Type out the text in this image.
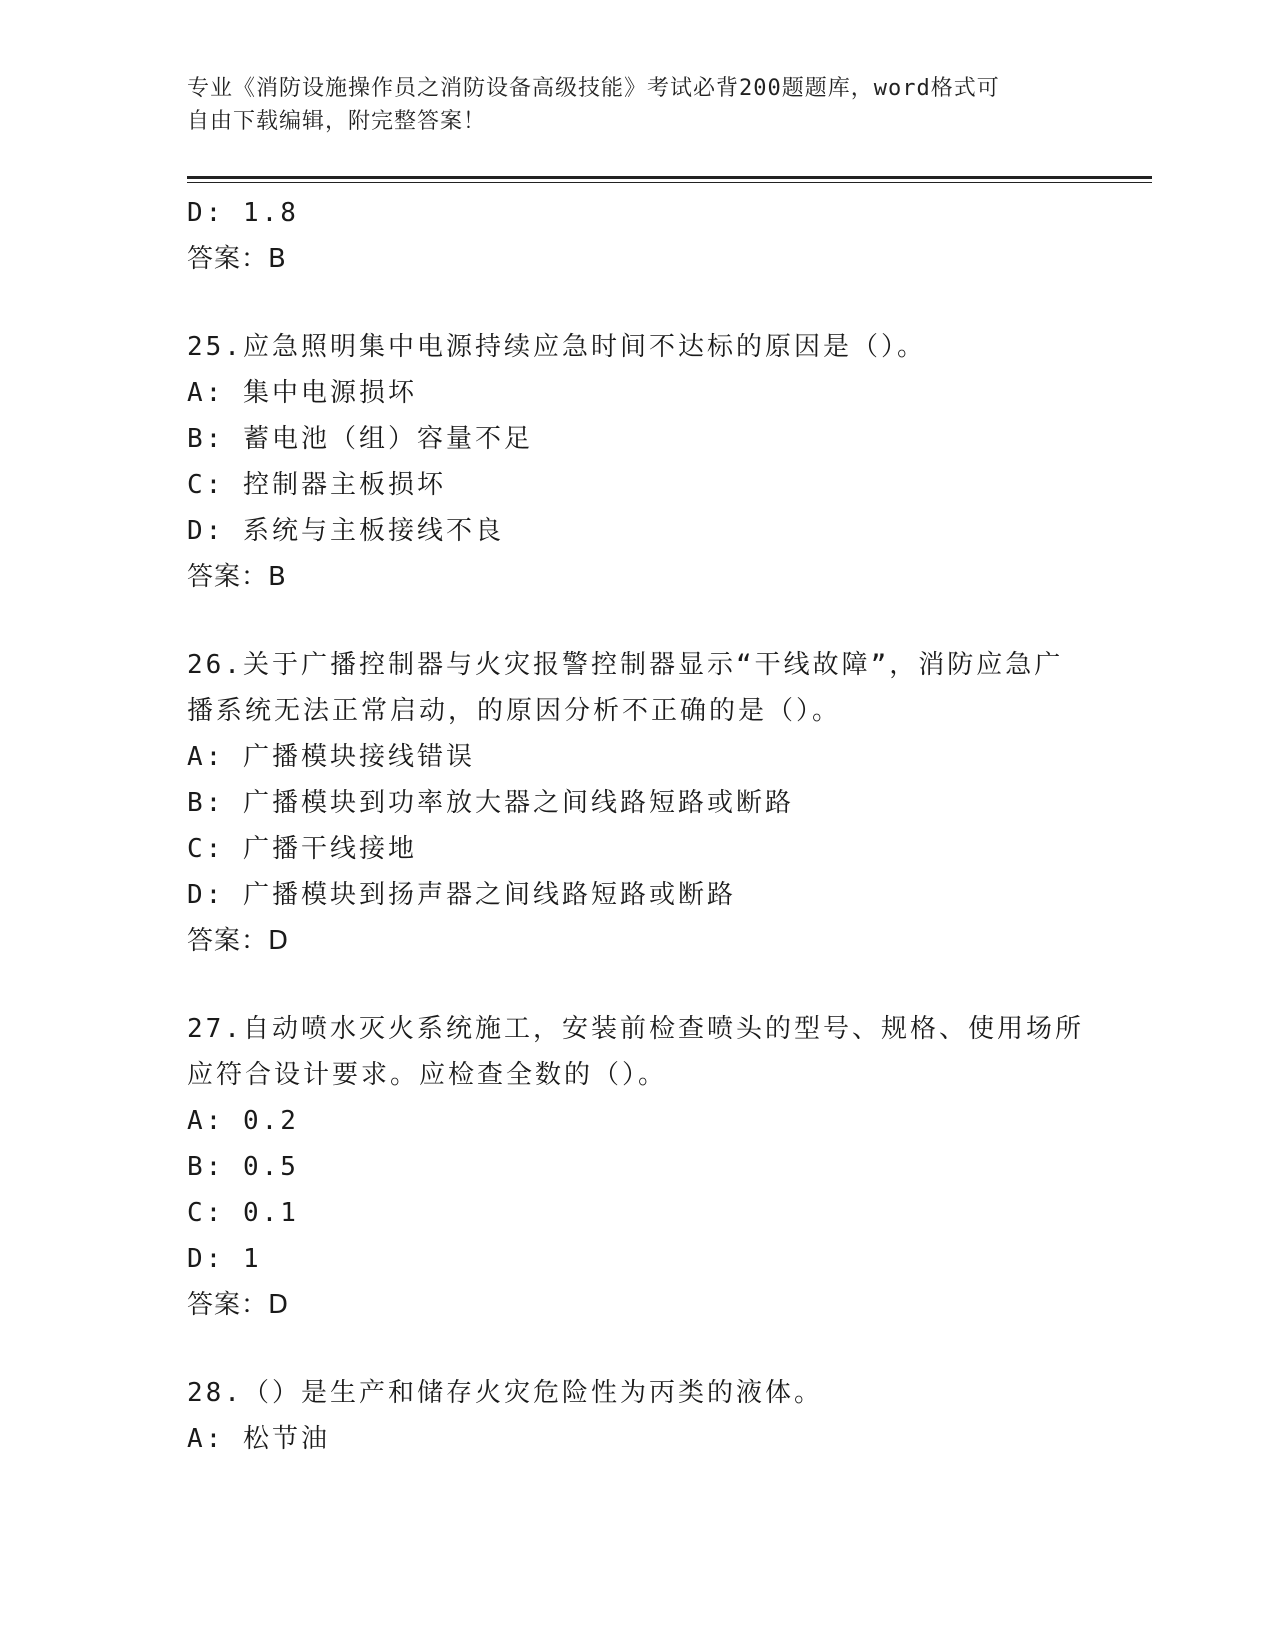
专业《消防设施操作员之消防设备高级技能》考试必背200题题库，word格式可
自由下载编辑，附完整答案！
D: 1.8
答案：B
25.应急照明集中电源持续应急时间不达标的原因是（）。
A: 集中电源损坏
B: 蓄电池（组）容量不足
C: 控制器主板损坏
D: 系统与主板接线不良
答案：B
26.关于广播控制器与火灾报警控制器显示“干线故障”，消防应急广
播系统无法正常启动，的原因分析不正确的是（）。
A: 广播模块接线错误
B: 广播模块到功率放大器之间线路短路或断路
C: 广播干线接地
D: 广播模块到扬声器之间线路短路或断路
答案：D
27.自动喷水灭火系统施工，安装前检查喷头的型号、规格、使用场所
应符合设计要求。应检查全数的（）。
A: 0.2
B: 0.5
C: 0.1
D: 1
答案：D
28.（）是生产和储存火灾危险性为丙类的液体。
A: 松节油
